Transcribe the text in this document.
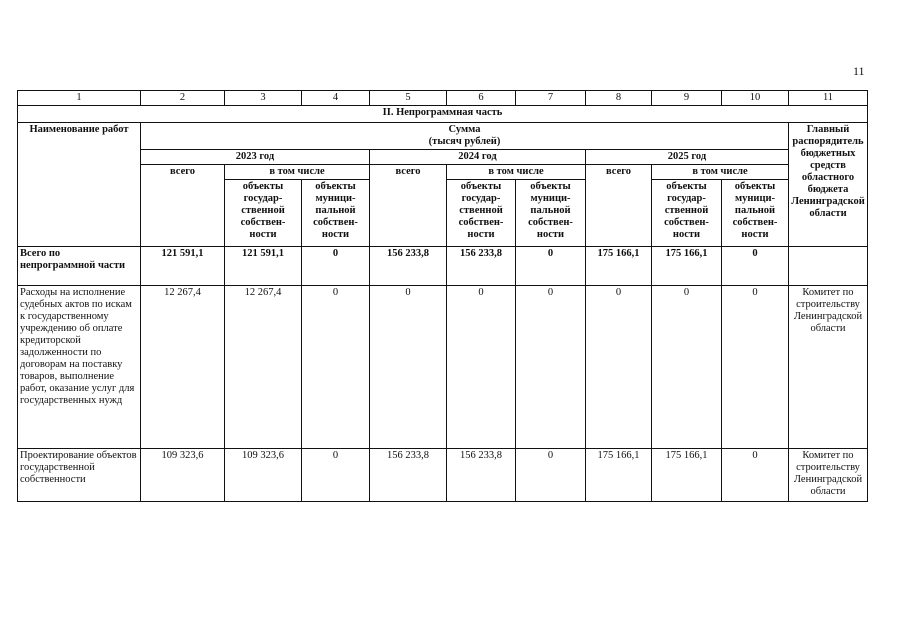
11
1	2	3	4	5	6	7	8	9	10	11
II. Непрограммная часть										
Наименование работ	Сумма
(тысяч рублей)									Главный распорядитель бюджетных средств областного бюджета Ленинградской области
	2023 год			2024 год			2025 год			
	всего	в том числе		всего	в том числе		всего	в том числе		
		объекты государ-ственной собствен-ности	объекты муници-пальной собствен-ности		объекты государ-ственной собствен-ности	объекты муници-пальной собствен-ности		объекты государ-ственной собствен-ности	объекты муници-пальной собствен-ности	
Всего по непрограммной части	121 591,1	121 591,1	0	156 233,8	156 233,8	0	175 166,1	175 166,1	0	
Расходы на исполнение судебных актов по искам к государственному учреждению об оплате кредиторской задолженности по договорам на поставку товаров, выполнение работ, оказание услуг для государственных нужд	12 267,4	12 267,4	0	0	0	0	0	0	0	Комитет по строительству Ленинградской области
Проектирование объектов государственной собственности	109 323,6	109 323,6	0	156 233,8	156 233,8	0	175 166,1	175 166,1	0	Комитет по строительству Ленинградской области
